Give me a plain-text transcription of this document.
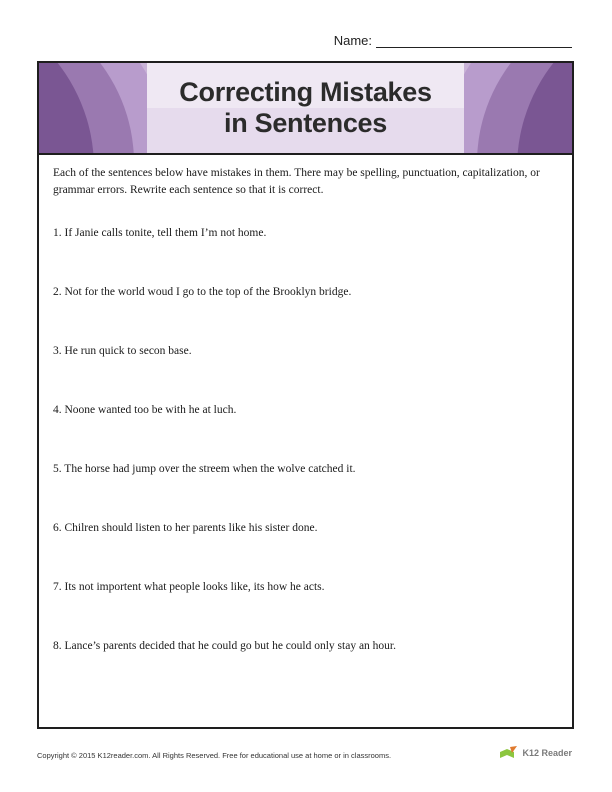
Name:
Correcting Mistakes
in Sentences
Each of the sentences below have mistakes in them. There may be spelling, punctuation, capitalization, or grammar errors. Rewrite each sentence so that it is correct.
1. If Janie calls tonite, tell them I’m not home.
2. Not for the world woud I go to the top of the Brooklyn bridge.
3. He run quick to secon base.
4. Noone wanted too be with he at luch.
5. The horse had jump over the streem when the wolve catched it.
6. Chilren should listen to her parents like his sister done.
7. Its not importent what people looks like, its how he acts.
8. Lance’s parents decided that he could go but he could only stay an hour.
Copyright © 2015 K12reader.com. All Rights Reserved. Free for educational use at home or in classrooms.	K12 Reader
